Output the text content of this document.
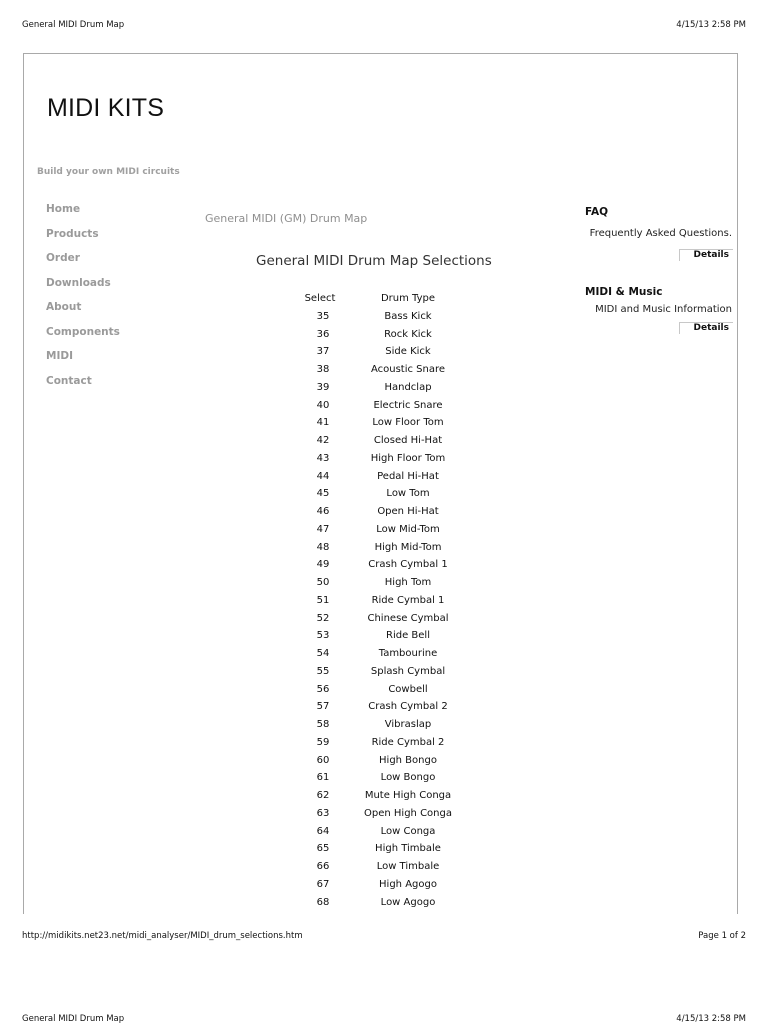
General MIDI Drum Map	4/15/13 2:58 PM
MIDI KITS
Build your own MIDI circuits
Home
Products
Order
Downloads
About
Components
MIDI
Contact
General MIDI (GM) Drum Map
General MIDI Drum Map Selections
Select	Drum Type
35	Bass Kick
36	Rock Kick
37	Side Kick
38	Acoustic Snare
39	Handclap
40	Electric Snare
41	Low Floor Tom
42	Closed Hi-Hat
43	High Floor Tom
44	Pedal Hi-Hat
45	Low Tom
46	Open Hi-Hat
47	Low Mid-Tom
48	High Mid-Tom
49	Crash Cymbal 1
50	High Tom
51	Ride Cymbal 1
52	Chinese Cymbal
53	Ride Bell
54	Tambourine
55	Splash Cymbal
56	Cowbell
57	Crash Cymbal 2
58	Vibraslap
59	Ride Cymbal 2
60	High Bongo
61	Low Bongo
62	Mute High Conga
63	Open High Conga
64	Low Conga
65	High Timbale
66	Low Timbale
67	High Agogo
68	Low Agogo
FAQ

Frequently Asked Questions.

Details
MIDI & Music

MIDI and Music Information

Details
http://midikits.net23.net/midi_analyser/MIDI_drum_selections.htm	Page 1 of 2
General MIDI Drum Map	4/15/13 2:58 PM
